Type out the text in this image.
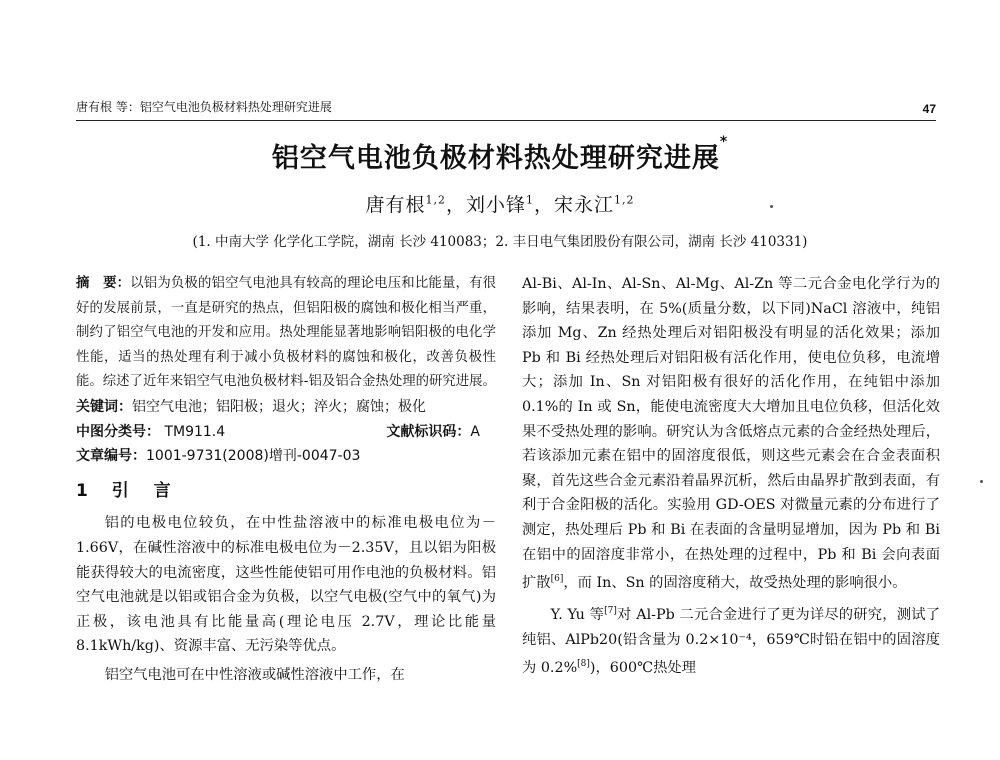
唐有根 等：铝空气电池负极材料热处理研究进展	47
铝空气电池负极材料热处理研究进展*
唐有根$^{1,2}$，刘小锋$^1$，宋永江$^{1,2}$
(1. 中南大学 化学化工学院，湖南 长沙 410083；2. 丰日电气集团股份有限公司，湖南 长沙 410331)
摘　要：以铝为负极的铝空气电池具有较高的理论电压和比能量，有很好的发展前景，一直是研究的热点，但铝阳极的腐蚀和极化相当严重，制约了铝空气电池的开发和应用。热处理能显著地影响铝阳极的电化学性能，适当的热处理有利于减小负极材料的腐蚀和极化，改善负极性能。综述了近年来铝空气电池负极材料-铝及铝合金热处理的研究进展。
关键词：铝空气电池；铝阳极；退火；淬火；腐蚀；极化
中图分类号： TM911.4	文献标识码：A
文章编号：1001-9731(2008)增刊-0047-03
1 引　言

铝的电极电位较负，在中性盐溶液中的标准电极电位为－1.66V，在碱性溶液中的标准电极电位为－2.35V，且以铝为阳极能获得较大的电流密度，这些性能使铝可用作电池的负极材料。铝空气电池就是以铝或铝合金为负极，以空气电极(空气中的氧气)为正极，该电池具有比能量高(理论电压 2.7V，理论比能量 8.1kWh/kg)、资源丰富、无污染等优点。

铝空气电池可在中性溶液或碱性溶液中工作，在

Al-Bi、Al-In、Al-Sn、Al-Mg、Al-Zn 等二元合金电化学行为的影响，结果表明，在 5%(质量分数，以下同)NaCl 溶液中，纯铝添加 Mg、Zn 经热处理后对铝阳极没有明显的活化效果；添加 Pb 和 Bi 经热处理后对铝阳极有活化作用，使电位负移，电流增大；添加 In、Sn 对铝阳极有很好的活化作用，在纯铝中添加 0.1%的 In 或 Sn，能使电流密度大大增加且电位负移，但活化效果不受热处理的影响。研究认为含低熔点元素的合金经热处理后，若该添加元素在铝中的固溶度很低，则这些元素会在合金表面积聚，首先这些合金元素沿着晶界沉析，然后由晶界扩散到表面，有利于合金阳极的活化。实验用 GD-OES 对微量元素的分布进行了测定，热处理后 Pb 和 Bi 在表面的含量明显增加，因为 Pb 和 Bi 在铝中的固溶度非常小，在热处理的过程中，Pb 和 Bi 会向表面扩散[6]，而 In、Sn 的固溶度稍大，故受热处理的影响很小。

Y. Yu 等[7]对 Al-Pb 二元合金进行了更为详尽的研究，测试了纯铝、AlPb20(铅含量为 0.2×10⁻⁴，659℃时铅在铝中的固溶度为 0.2%[8])，600℃热处理
